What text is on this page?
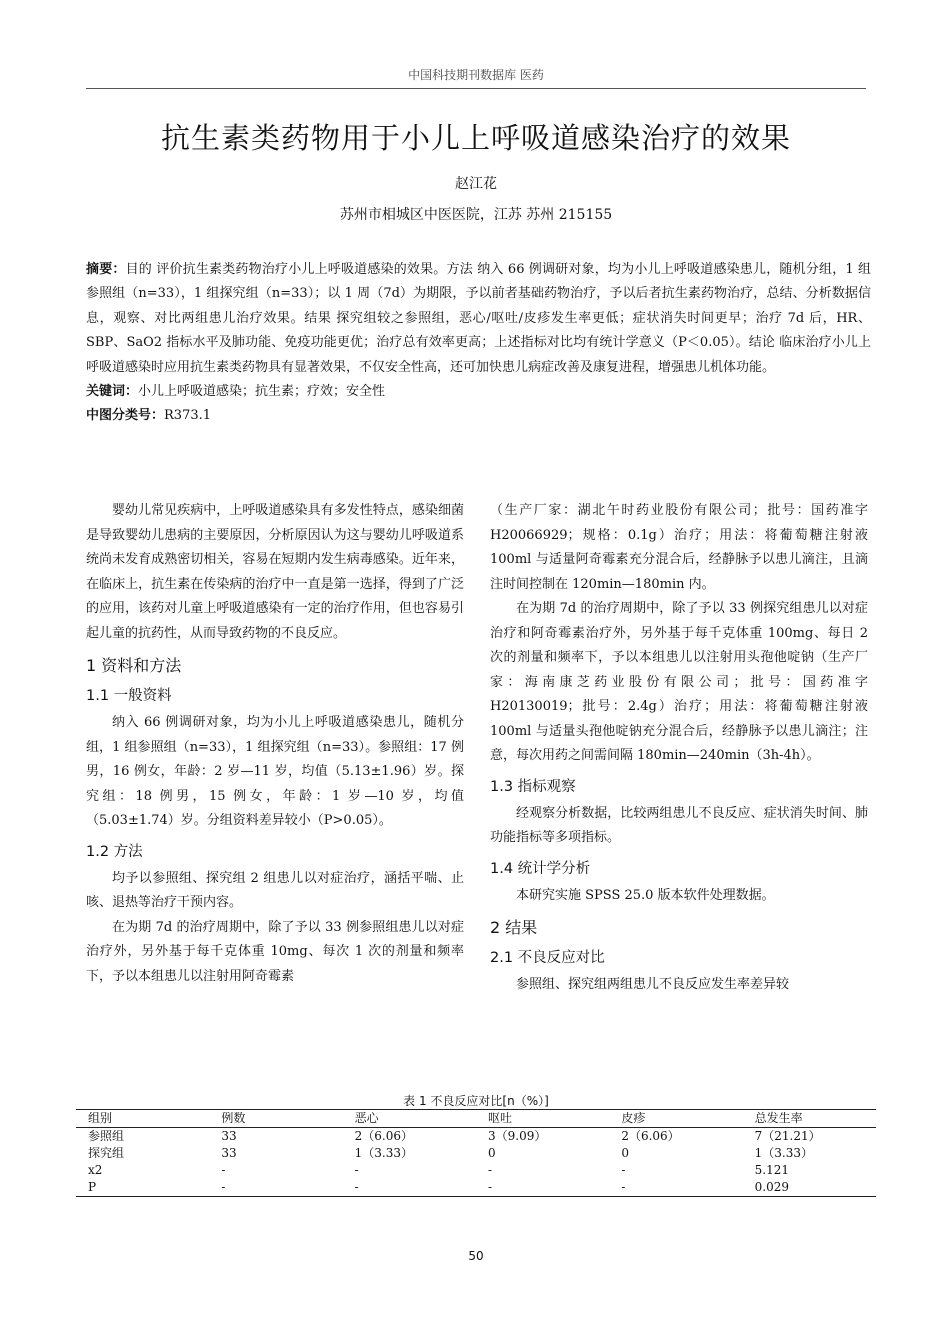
中国科技期刊数据库 医药
抗生素类药物用于小儿上呼吸道感染治疗的效果
赵江花
苏州市相城区中医医院，江苏 苏州 215155

摘要：目的 评价抗生素类药物治疗小儿上呼吸道感染的效果。方法 纳入 66 例调研对象，均为小儿上呼吸道感染患儿，随机分组，1 组参照组（n=33），1 组探究组（n=33）；以 1 周（7d）为期限，予以前者基础药物治疗，予以后者抗生素药物治疗，总结、分析数据信息，观察、对比两组患儿治疗效果。结果 探究组较之参照组，恶心/呕吐/皮疹发生率更低；症状消失时间更早；治疗 7d 后，HR、SBP、SaO2 指标水平及肺功能、免疫功能更优；治疗总有效率更高；上述指标对比均有统计学意义（P＜0.05）。结论 临床治疗小儿上呼吸道感染时应用抗生素类药物具有显著效果，不仅安全性高，还可加快患儿病症改善及康复进程，增强患儿机体功能。

关键词：小儿上呼吸道感染；抗生素；疗效；安全性

中图分类号：R373.1

婴幼儿常见疾病中，上呼吸道感染具有多发性特点，感染细菌是导致婴幼儿患病的主要原因，分析原因认为这与婴幼儿呼吸道系统尚未发育成熟密切相关，容易在短期内发生病毒感染。近年来，在临床上，抗生素在传染病的治疗中一直是第一选择，得到了广泛的应用，该药对儿童上呼吸道感染有一定的治疗作用，但也容易引起儿童的抗药性，从而导致药物的不良反应。

1 资料和方法
1.1 一般资料

纳入 66 例调研对象，均为小儿上呼吸道感染患儿，随机分组，1 组参照组（n=33），1 组探究组（n=33）。参照组：17 例男，16 例女，年龄：2 岁—11 岁，均值（5.13±1.96）岁。探究组：18 例男，15 例女，年龄：1 岁—10 岁，均值（5.03±1.74）岁。分组资料差异较小（P>0.05）。

1.2 方法

均予以参照组、探究组 2 组患儿以对症治疗，涵括平喘、止咳、退热等治疗干预内容。

在为期 7d 的治疗周期中，除了予以 33 例参照组患儿以对症治疗外，另外基于每千克体重 10mg、每次 1 次的剂量和频率下，予以本组患儿以注射用阿奇霉素

（生产厂家：湖北午时药业股份有限公司；批号：国药准字 H20066929；规格：0.1g）治疗；用法：将葡萄糖注射液 100ml 与适量阿奇霉素充分混合后，经静脉予以患儿滴注，且滴注时间控制在 120min—180min 内。

在为期 7d 的治疗周期中，除了予以 33 例探究组患儿以对症治疗和阿奇霉素治疗外，另外基于每千克体重 100mg、每日 2 次的剂量和频率下，予以本组患儿以注射用头孢他啶钠（生产厂家：海南康芝药业股份有限公司；批号：国药准字 H20130019；批号：2.4g）治疗；用法：将葡萄糖注射液 100ml 与适量头孢他啶钠充分混合后，经静脉予以患儿滴注；注意，每次用药之间需间隔 180min—240min（3h-4h）。

1.3 指标观察

经观察分析数据，比较两组患儿不良反应、症状消失时间、肺功能指标等多项指标。

1.4 统计学分析

本研究实施 SPSS 25.0 版本软件处理数据。

2 结果
2.1 不良反应对比

参照组、探究组两组患儿不良反应发生率差异较

表 1 不良反应对比[n（%）]
组别	例数	恶心	呕吐	皮疹	总发生率
参照组	33	2（6.06）	3（9.09）	2（6.06）	7（21.21）
探究组	33	1（3.33）	0	0	1（3.33）
x2	-	-	-	-	5.121
P	-	-	-	-	0.029
50
